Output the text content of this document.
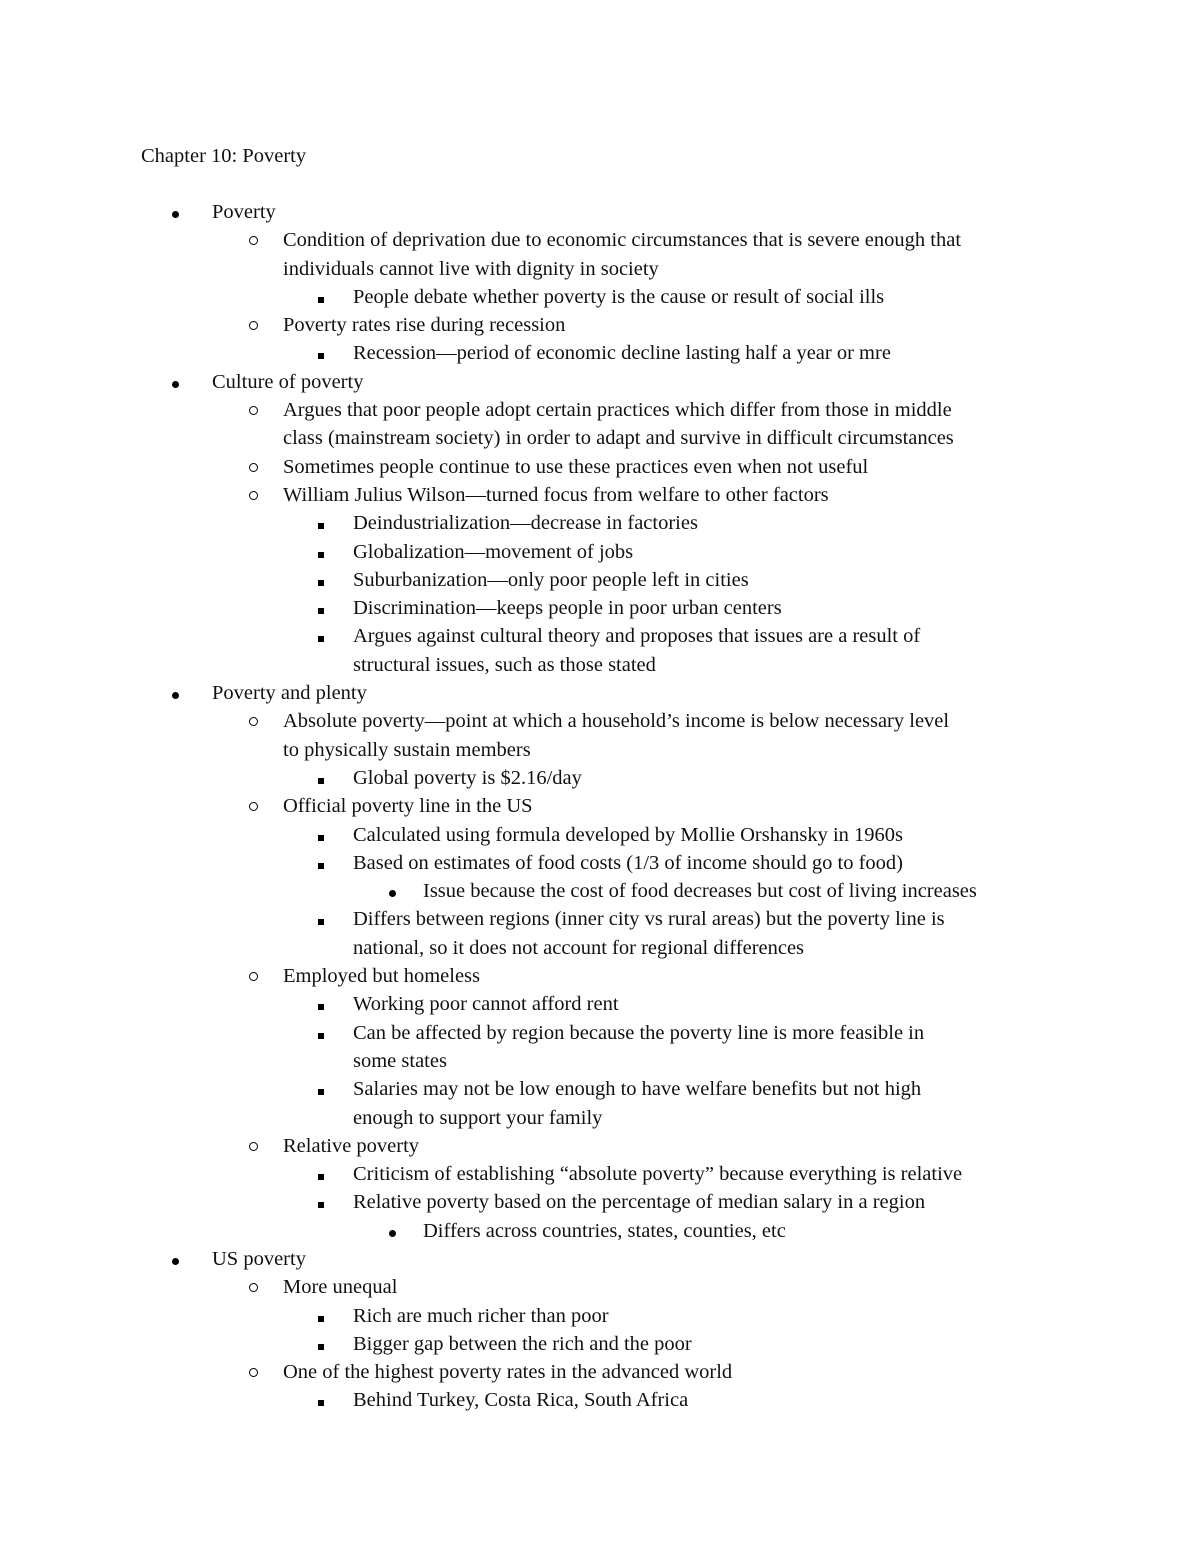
Chapter 10: Poverty
Poverty
Condition of deprivation due to economic circumstances that is severe enough that
individuals cannot live with dignity in society
People debate whether poverty is the cause or result of social ills
Poverty rates rise during recession
Recession—period of economic decline lasting half a year or mre
Culture of poverty
Argues that poor people adopt certain practices which differ from those in middle
class (mainstream society) in order to adapt and survive in difficult circumstances
Sometimes people continue to use these practices even when not useful
William Julius Wilson—turned focus from welfare to other factors
Deindustrialization—decrease in factories
Globalization—movement of jobs
Suburbanization—only poor people left in cities
Discrimination—keeps people in poor urban centers
Argues against cultural theory and proposes that issues are a result of
structural issues, such as those stated
Poverty and plenty
Absolute poverty—point at which a household’s income is below necessary level
to physically sustain members
Global poverty is $2.16/day
Official poverty line in the US
Calculated using formula developed by Mollie Orshansky in 1960s
Based on estimates of food costs (1/3 of income should go to food)
Issue because the cost of food decreases but cost of living increases
Differs between regions (inner city vs rural areas) but the poverty line is
national, so it does not account for regional differences
Employed but homeless
Working poor cannot afford rent
Can be affected by region because the poverty line is more feasible in
some states
Salaries may not be low enough to have welfare benefits but not high
enough to support your family
Relative poverty
Criticism of establishing “absolute poverty” because everything is relative
Relative poverty based on the percentage of median salary in a region
Differs across countries, states, counties, etc
US poverty
More unequal
Rich are much richer than poor
Bigger gap between the rich and the poor
One of the highest poverty rates in the advanced world
Behind Turkey, Costa Rica, South Africa
